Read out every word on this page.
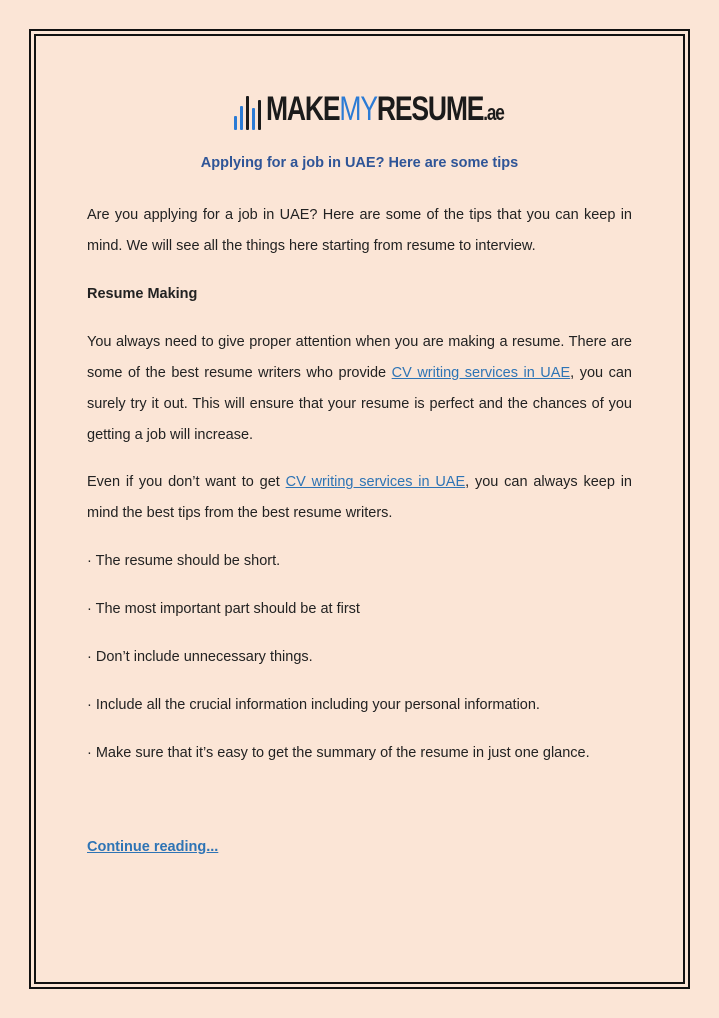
MAKEMYRESUME.ae
Applying for a job in UAE? Here are some tips

Are you applying for a job in UAE? Here are some of the tips that you can keep in mind. We will see all the things here starting from resume to interview.

Resume Making

You always need to give proper attention when you are making a resume. There are some of the best resume writers who provide CV writing services in UAE, you can surely try it out. This will ensure that your resume is perfect and the chances of you getting a job will increase.

Even if you don’t want to get CV writing services in UAE, you can always keep in mind the best tips from the best resume writers.

· The resume should be short.

· The most important part should be at first

· Don’t include unnecessary things.

· Include all the crucial information including your personal information.

· Make sure that it’s easy to get the summary of the resume in just one glance.

Continue reading...
